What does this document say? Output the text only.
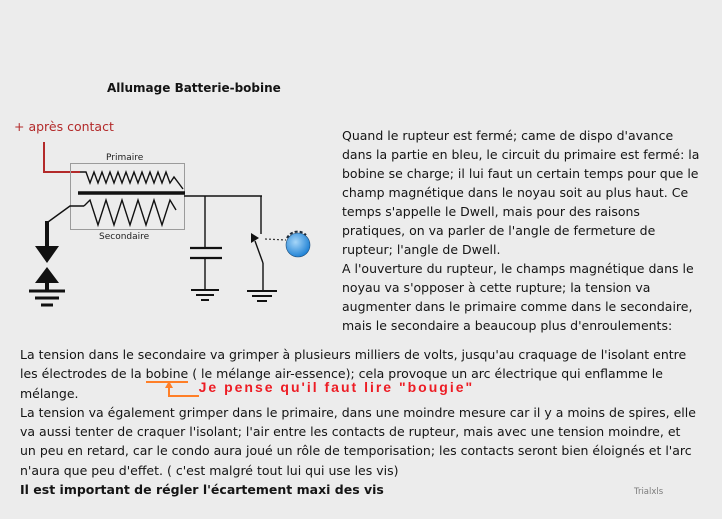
Allumage Batterie-bobine
+ après contact
Primaire
Secondaire
Quand le rupteur est fermé; came de dispo d'avance
dans la partie en bleu, le circuit du primaire est fermé: la
bobine se charge; il lui faut un certain temps pour que le
champ magnétique dans le noyau soit au plus haut. Ce
temps s'appelle le Dwell, mais pour des raisons
pratiques, on va parler de l'angle de fermeture de
rupteur; l'angle de Dwell.
A l'ouverture du rupteur, le champs magnétique dans le
noyau va s'opposer à cette rupture; la tension va
augmenter dans le primaire comme dans le secondaire,
mais le secondaire a beaucoup plus d'enroulements:
La tension dans le secondaire va grimper à plusieurs milliers de volts, jusqu'au craquage de l'isolant entre
les électrodes de la bobine
Je pense qu'il faut lire "bougie"
( le mélange air-essence); cela provoque un arc électrique qui enflamme le
mélange.
La tension va également grimper dans le primaire, dans une moindre mesure car il y a moins de spires, elle
va aussi tenter de craquer l'isolant; l'air entre les contacts de rupteur, mais avec une tension moindre, et
un peu en retard, car le condo aura joué un rôle de temporisation; les contacts seront bien éloignés et l'arc
n'aura que peu d'effet. ( c'est malgré tout lui qui use les vis)
Il est important de régler l'écartement maxi des vis	Trialxls
